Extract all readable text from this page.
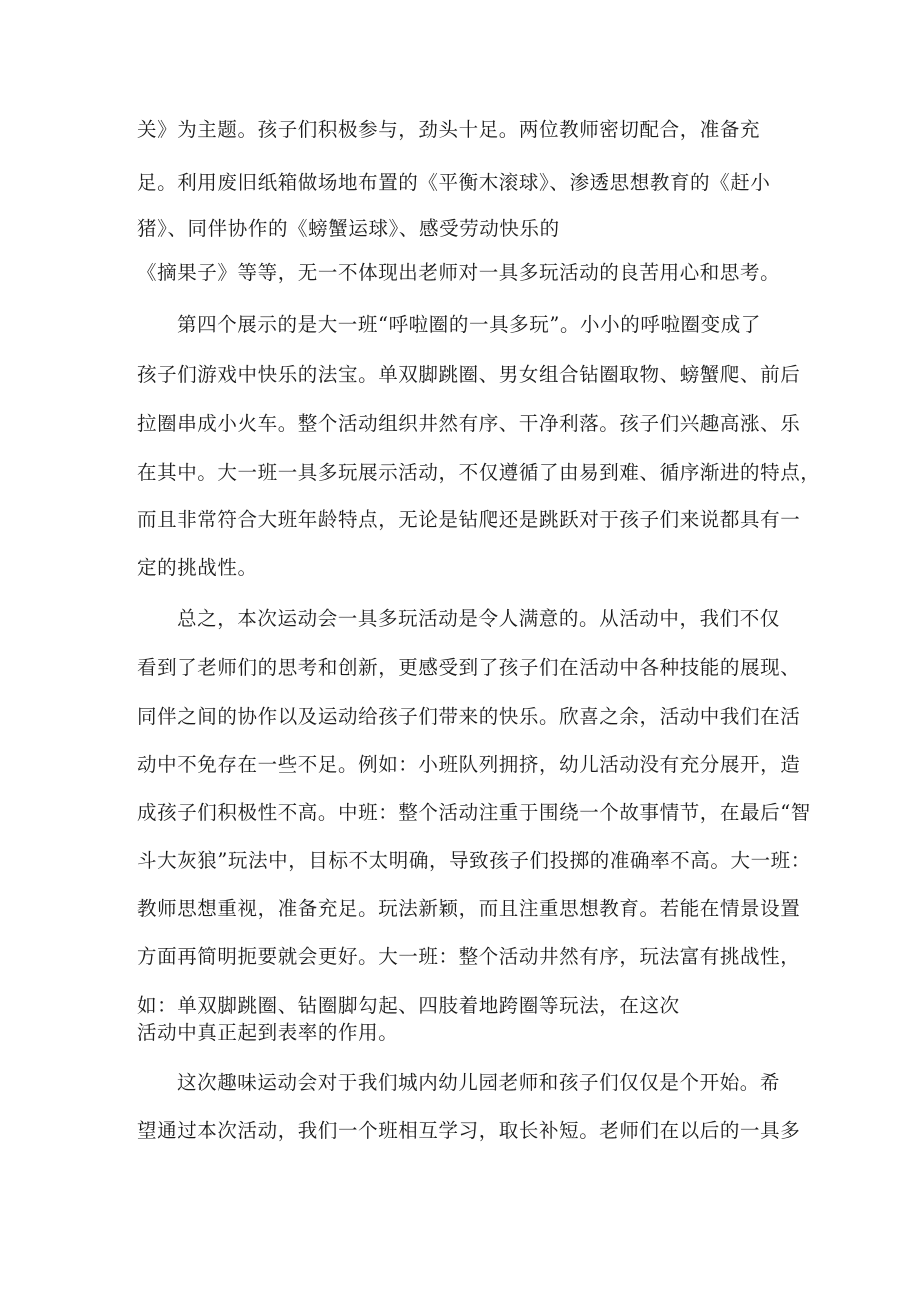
关》为主题。孩子们积极参与，劲头十足。两位教师密切配合，准备充
足。利用废旧纸箱做场地布置的《平衡木滚球》、渗透思想教育的《赶小
猪》、同伴协作的《螃蟹运球》、感受劳动快乐的
《摘果子》等等，无一不体现出老师对一具多玩活动的良苦用心和思考。
第四个展示的是大一班“呼啦圈的一具多玩”。小小的呼啦圈变成了
孩子们游戏中快乐的法宝。单双脚跳圈、男女组合钻圈取物、螃蟹爬、前后
拉圈串成小火车。整个活动组织井然有序、干净利落。孩子们兴趣高涨、乐
在其中。大一班一具多玩展示活动，不仅遵循了由易到难、循序渐进的特点，
而且非常符合大班年龄特点，无论是钻爬还是跳跃对于孩子们来说都具有一
定的挑战性。
总之，本次运动会一具多玩活动是令人满意的。从活动中，我们不仅
看到了老师们的思考和创新，更感受到了孩子们在活动中各种技能的展现、
同伴之间的协作以及运动给孩子们带来的快乐。欣喜之余，活动中我们在活
动中不免存在一些不足。例如：小班队列拥挤，幼儿活动没有充分展开，造
成孩子们积极性不高。中班：整个活动注重于围绕一个故事情节，在最后“智
斗大灰狼”玩法中，目标不太明确，导致孩子们投掷的准确率不高。大一班：
教师思想重视，准备充足。玩法新颖，而且注重思想教育。若能在情景设置
方面再简明扼要就会更好。大一班：整个活动井然有序，玩法富有挑战性，
如：单双脚跳圈、钻圈脚勾起、四肢着地跨圈等玩法，在这次
活动中真正起到表率的作用。
这次趣味运动会对于我们城内幼儿园老师和孩子们仅仅是个开始。希
望通过本次活动，我们一个班相互学习，取长补短。老师们在以后的一具多
